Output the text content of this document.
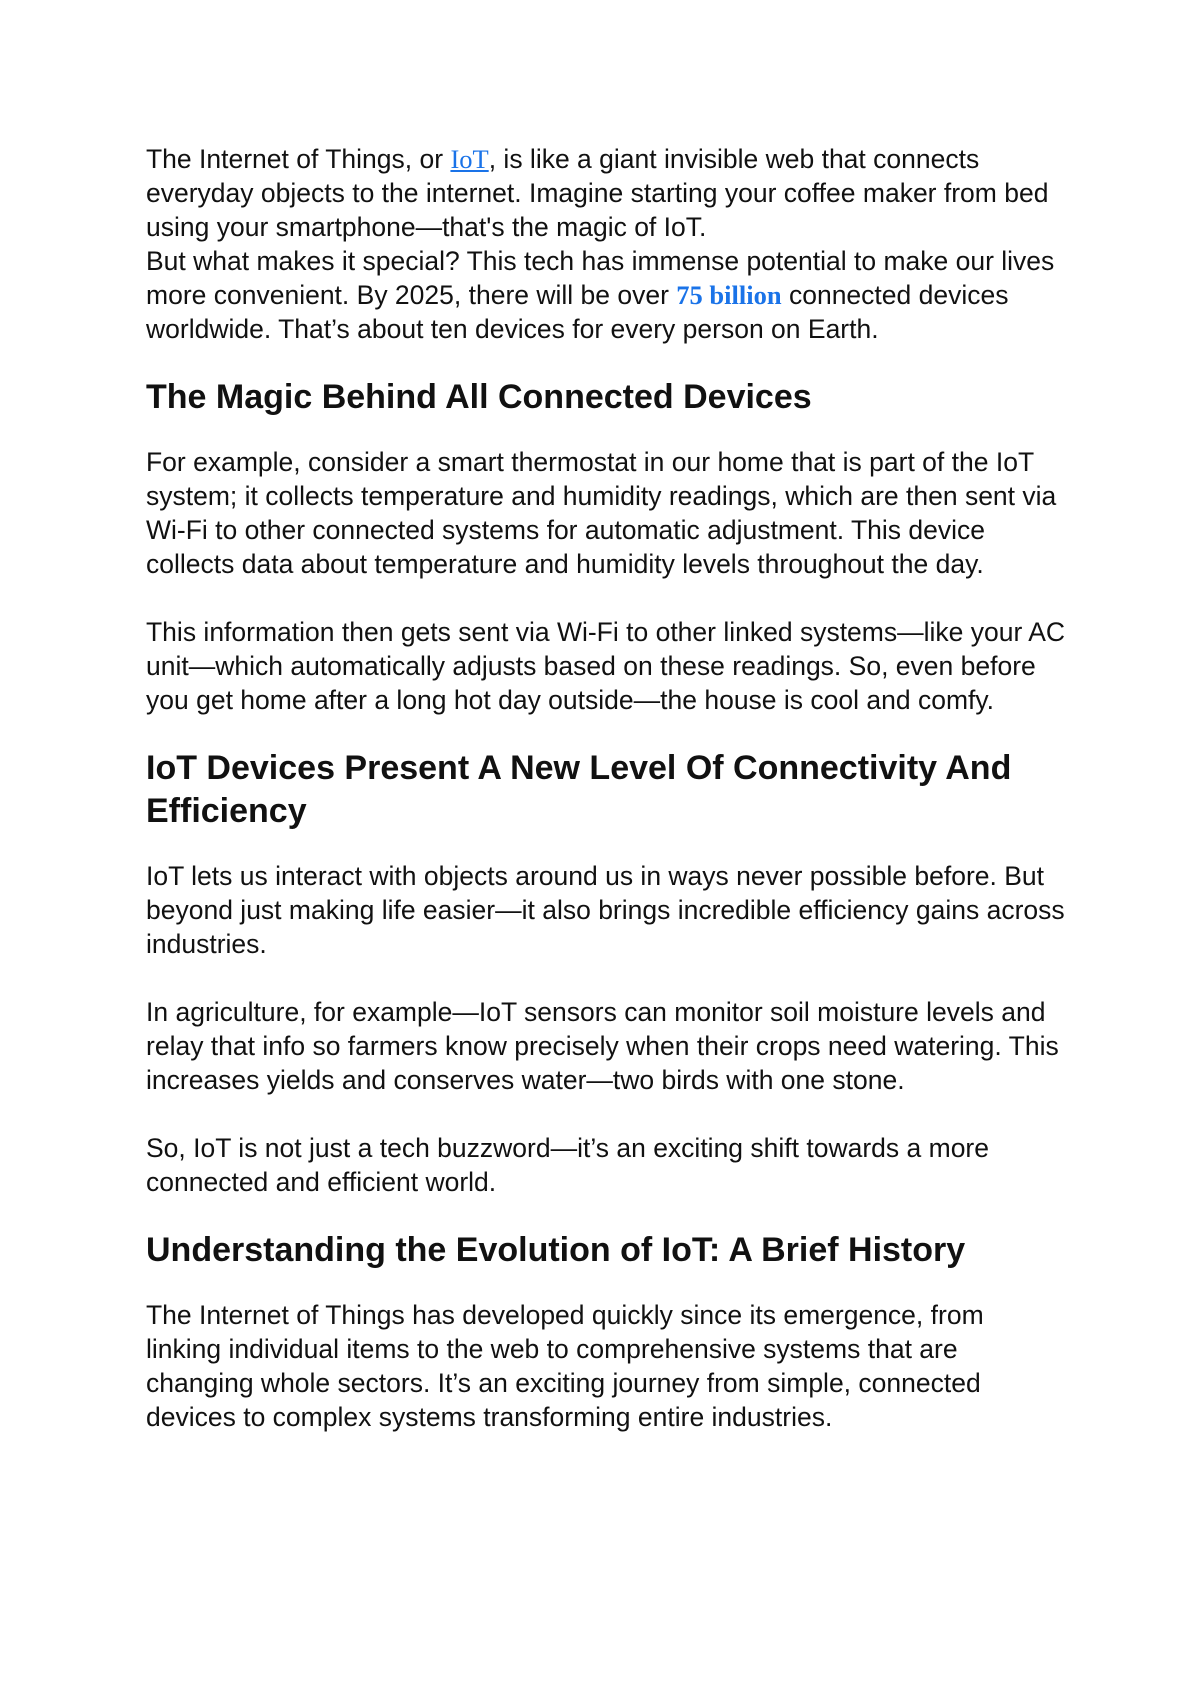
The Internet of Things, or IoT, is like a giant invisible web that connects everyday objects to the internet. Imagine starting your coffee maker from bed using your smartphone—that's the magic of IoT.

But what makes it special? This tech has immense potential to make our lives more convenient. By 2025, there will be over 75 billion connected devices worldwide. That’s about ten devices for every person on Earth.

The Magic Behind All Connected Devices

For example, consider a smart thermostat in our home that is part of the IoT system; it collects temperature and humidity readings, which are then sent via Wi-Fi to other connected systems for automatic adjustment. This device collects data about temperature and humidity levels throughout the day.

This information then gets sent via Wi-Fi to other linked systems—like your AC unit—which automatically adjusts based on these readings. So, even before you get home after a long hot day outside—the house is cool and comfy.

IoT Devices Present A New Level Of Connectivity And Efficiency

IoT lets us interact with objects around us in ways never possible before. But beyond just making life easier—it also brings incredible efficiency gains across industries.

In agriculture, for example—IoT sensors can monitor soil moisture levels and relay that info so farmers know precisely when their crops need watering. This increases yields and conserves water—two birds with one stone.

So, IoT is not just a tech buzzword—it’s an exciting shift towards a more connected and efficient world.

Understanding the Evolution of IoT: A Brief History

The Internet of Things has developed quickly since its emergence, from linking individual items to the web to comprehensive systems that are changing whole sectors. It’s an exciting journey from simple, connected devices to complex systems transforming entire industries.
